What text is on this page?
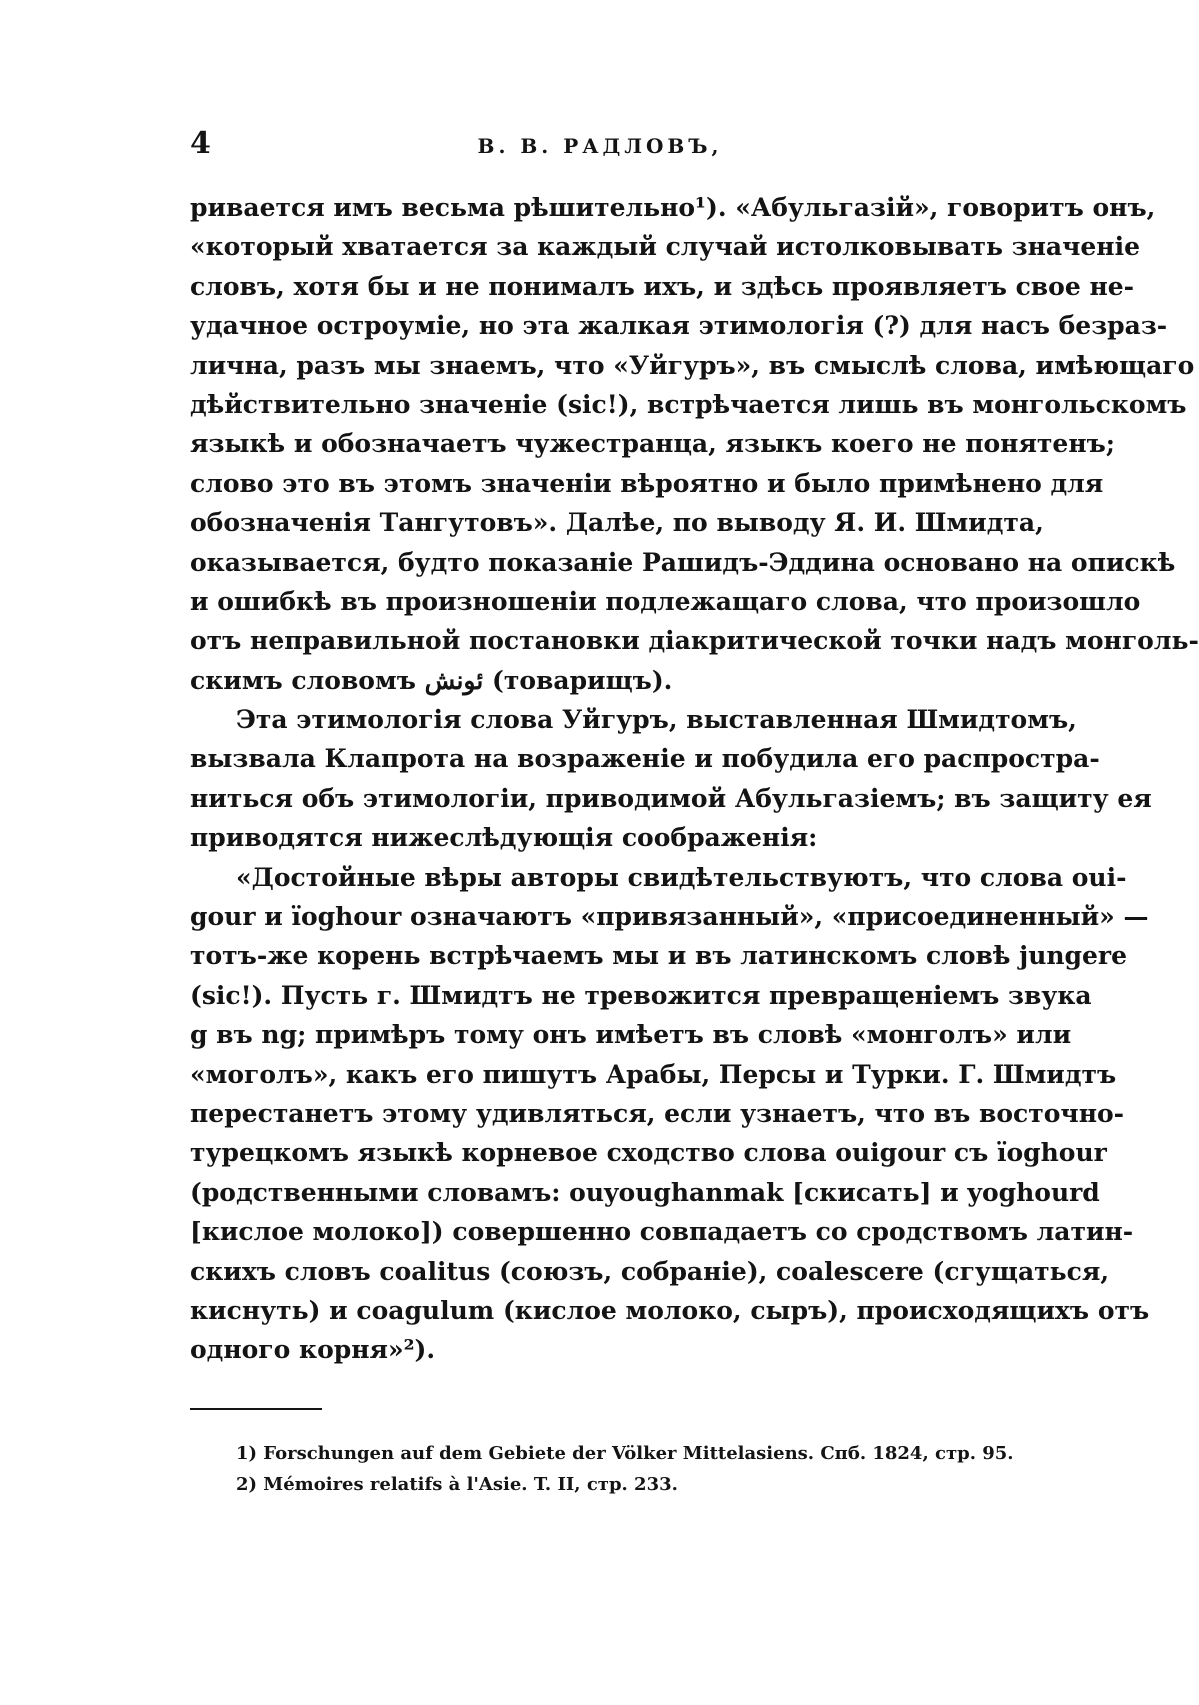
4	В. В. РАДЛОВЪ,
ривается имъ весьма рѣшительно¹). «Абульгазій», говоритъ онъ,
«который хватается за каждый случай истолковывать значеніе
словъ, хотя бы и не понималъ ихъ, и здѣсь проявляетъ свое не-
удачное остроуміе, но эта жалкая этимологія (?) для насъ безраз-
лична, разъ мы знаемъ, что «Уйгуръ», въ смыслѣ слова, имѣющаго
дѣйствительно значеніе (sic!), встрѣчается лишь въ монгольскомъ
языкѣ и обозначаетъ чужестранца, языкъ коего не понятенъ;
слово это въ этомъ значеніи вѣроятно и было примѣнено для
обозначенія Тангутовъ». Далѣе, по выводу Я. И. Шмидта,
оказывается, будто показаніе Рашидъ-Эддина основано на опискѣ
и ошибкѣ въ произношеніи подлежащаго слова, что произошло
отъ неправильной постановки діакритической точки надъ монголь-
скимъ словомъ ئونش (товарищъ).
Эта этимологія слова Уйгуръ, выставленная Шмидтомъ,
вызвала Клапрота на возраженіе и побудила его распростра-
ниться объ этимологіи, приводимой Абульгазіемъ; въ защиту ея
приводятся нижеслѣдующія соображенія:
«Достойные вѣры авторы свидѣтельствуютъ, что слова oui-
gour и ïoghour означаютъ «привязанный», «присоединенный» —
тотъ-же корень встрѣчаемъ мы и въ латинскомъ словѣ jungere
(sic!). Пусть г. Шмидтъ не тревожится превращеніемъ звука
g въ ng; примѣръ тому онъ имѣетъ въ словѣ «монголъ» или
«моголъ», какъ его пишутъ Арабы, Персы и Турки. Г. Шмидтъ
перестанетъ этому удивляться, если узнаетъ, что въ восточно-
турецкомъ языкѣ корневое сходство слова ouigour съ ïoghour
(родственными словамъ: ouyoughanmak [скисать] и yoghourd
[кислое молоко]) совершенно совпадаетъ со сродствомъ латин-
скихъ словъ coalitus (союзъ, собраніе), coalescere (сгущаться,
киснуть) и coagulum (кислое молоко, сыръ), происходящихъ отъ
одного корня»²).
1) Forschungen auf dem Gebiete der Völker Mittelasiens. Спб. 1824, стр. 95.
2) Mémoires relatifs à l'Asie. T. II, стр. 233.
